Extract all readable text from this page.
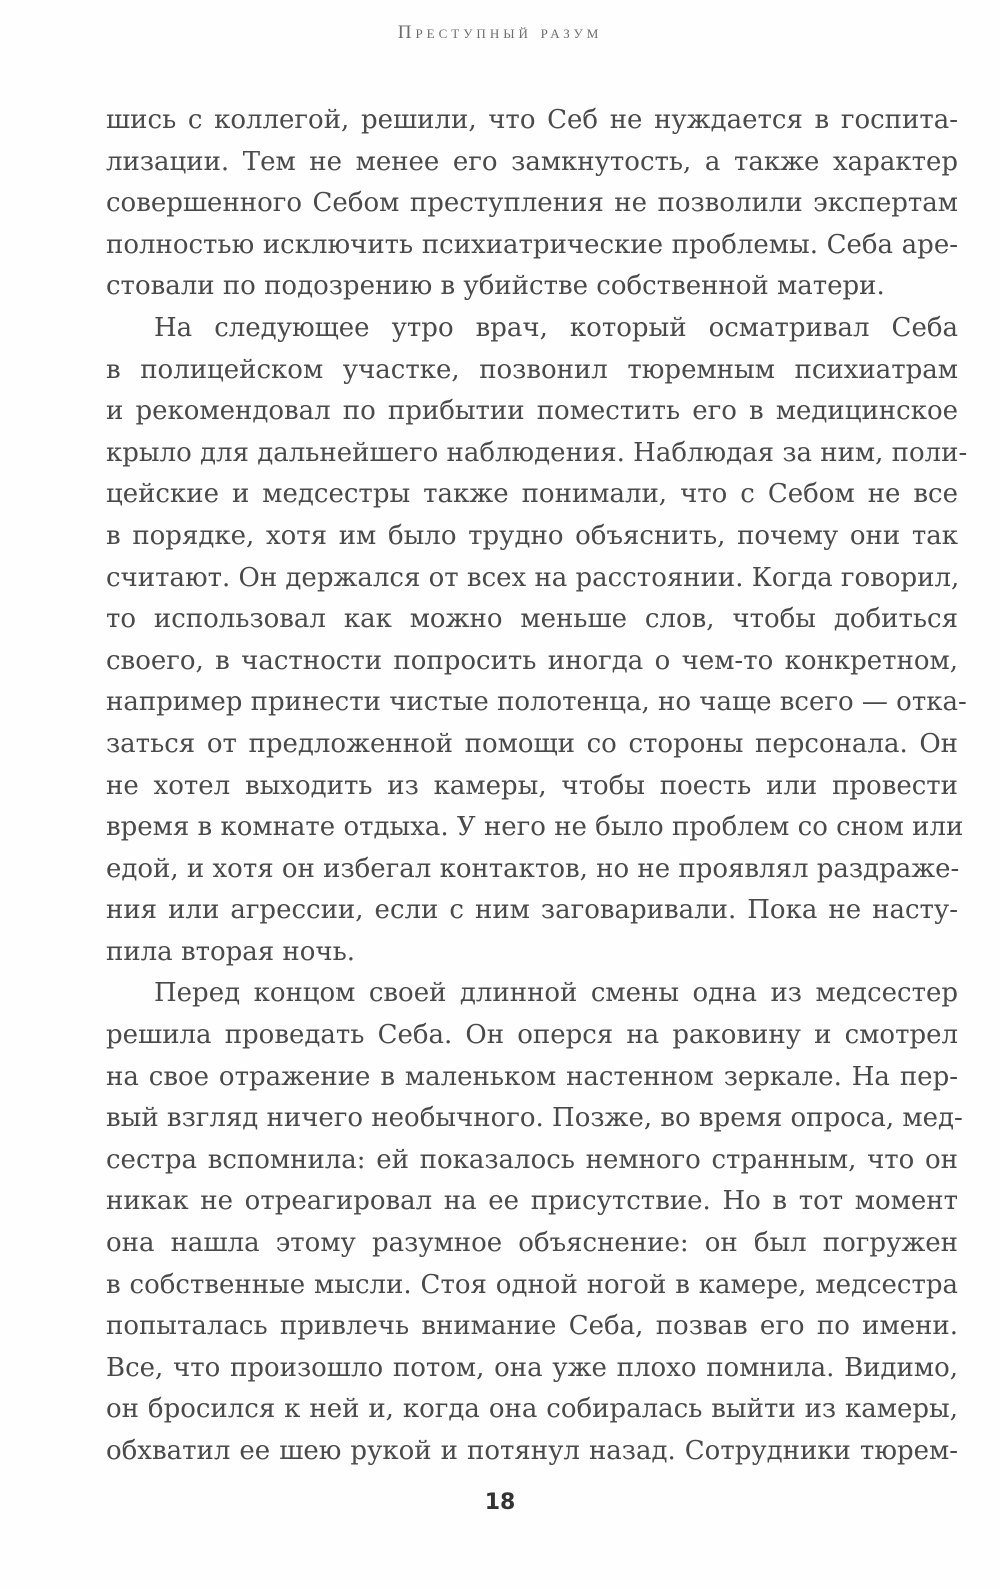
Преступный разум
шись с коллегой, решили, что Себ не нуждается в госпита-
лизации. Тем не менее его замкнутость, а также характер
совершенного Себом преступления не позволили экспертам
полностью исключить психиатрические проблемы. Себа аре-
стовали по подозрению в убийстве собственной матери.
На следующее утро врач, который осматривал Себа
в полицейском участке, позвонил тюремным психиатрам
и рекомендовал по прибытии поместить его в медицинское
крыло для дальнейшего наблюдения. Наблюдая за ним, поли-
цейские и медсестры также понимали, что с Себом не все
в порядке, хотя им было трудно объяснить, почему они так
считают. Он держался от всех на расстоянии. Когда говорил,
то использовал как можно меньше слов, чтобы добиться
своего, в частности попросить иногда о чем-то конкретном,
например принести чистые полотенца, но чаще всего — отка-
заться от предложенной помощи со стороны персонала. Он
не хотел выходить из камеры, чтобы поесть или провести
время в комнате отдыха. У него не было проблем со сном или
едой, и хотя он избегал контактов, но не проявлял раздраже-
ния или агрессии, если с ним заговаривали. Пока не насту-
пила вторая ночь.
Перед концом своей длинной смены одна из медсестер
решила проведать Себа. Он оперся на раковину и смотрел
на свое отражение в маленьком настенном зеркале. На пер-
вый взгляд ничего необычного. Позже, во время опроса, мед-
сестра вспомнила: ей показалось немного странным, что он
никак не отреагировал на ее присутствие. Но в тот момент
она нашла этому разумное объяснение: он был погружен
в собственные мысли. Стоя одной ногой в камере, медсестра
попыталась привлечь внимание Себа, позвав его по имени.
Все, что произошло потом, она уже плохо помнила. Видимо,
он бросился к ней и, когда она собиралась выйти из камеры,
обхватил ее шею рукой и потянул назад. Сотрудники тюрем-
18
